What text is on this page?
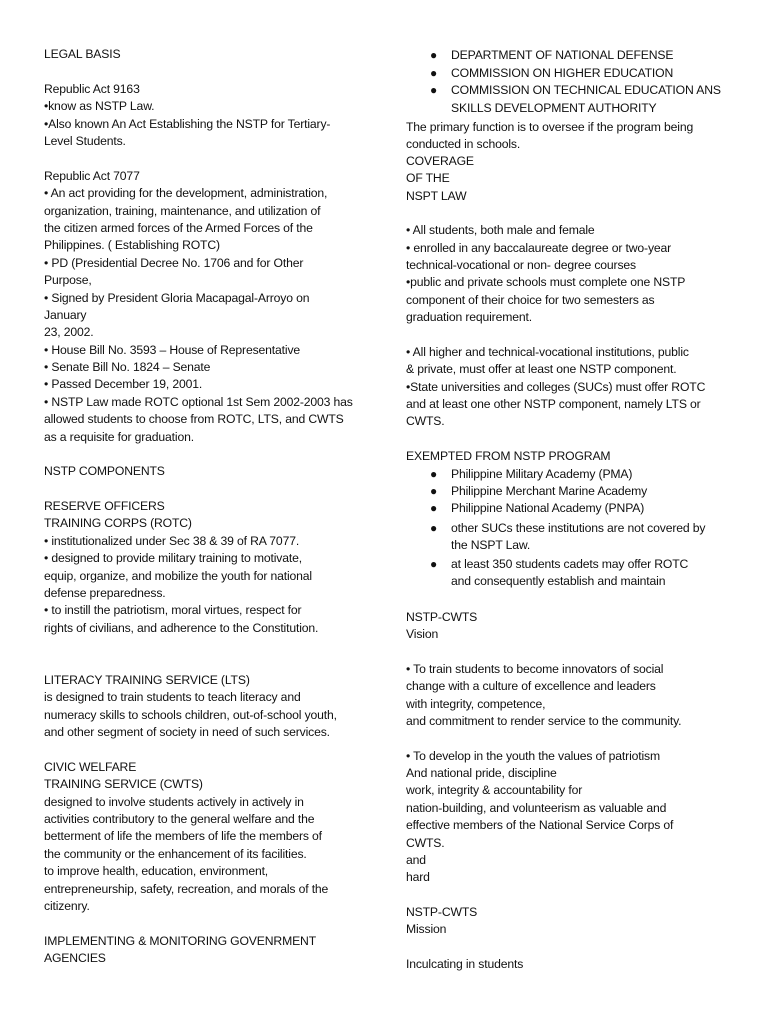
LEGAL BASIS
Republic Act 9163
•know as NSTP Law.
•Also known An Act Establishing the NSTP for Tertiary-
Level Students.
Republic Act 7077
• An act providing for the development, administration,
organization, training, maintenance, and utilization of
the citizen armed forces of the Armed Forces of the
Philippines. ( Establishing ROTC)
• PD (Presidential Decree No. 1706 and for Other
Purpose,
• Signed by President Gloria Macapagal-Arroyo on
January
23, 2002.
• House Bill No. 3593 – House of Representative
• Senate Bill No. 1824 – Senate
• Passed December 19, 2001.
• NSTP Law made ROTC optional 1st Sem 2002-2003 has
allowed students to choose from ROTC, LTS, and CWTS
as a requisite for graduation.
NSTP COMPONENTS
RESERVE OFFICERS
TRAINING CORPS (ROTC)
• institutionalized under Sec 38 & 39 of RA 7077.
• designed to provide military training to motivate,
equip, organize, and mobilize the youth for national
defense preparedness.
• to instill the patriotism, moral virtues, respect for
rights of civilians, and adherence to the Constitution.
LITERACY TRAINING SERVICE (LTS)
is designed to train students to teach literacy and
numeracy skills to schools children, out-of-school youth,
and other segment of society in need of such services.
CIVIC WELFARE
TRAINING SERVICE (CWTS)
designed to involve students actively in actively in
activities contributory to the general welfare and the
betterment of life the members of life the members of
the community or the enhancement of its facilities.
to improve health, education, environment,
entrepreneurship, safety, recreation, and morals of the
citizenry.
IMPLEMENTING & MONITORING GOVENRMENT
AGENCIES
● DEPARTMENT OF NATIONAL DEFENSE
● COMMISSION ON HIGHER EDUCATION
● COMMISSION ON TECHNICAL EDUCATION ANS
SKILLS DEVELOPMENT AUTHORITY
The primary function is to oversee if the program being
conducted in schools.
COVERAGE
OF THE
NSPT LAW
• All students, both male and female
• enrolled in any baccalaureate degree or two-year
technical-vocational or non- degree courses
•public and private schools must complete one NSTP
component of their choice for two semesters as
graduation requirement.
• All higher and technical-vocational institutions, public
& private, must offer at least one NSTP component.
•State universities and colleges (SUCs) must offer ROTC
and at least one other NSTP component, namely LTS or
CWTS.
EXEMPTED FROM NSTP PROGRAM
● Philippine Military Academy (PMA)
● Philippine Merchant Marine Academy
● Philippine National Academy (PNPA)
● other SUCs these institutions are not covered by
the NSPT Law.
● at least 350 students cadets may offer ROTC
and consequently establish and maintain
NSTP-CWTS
Vision
• To train students to become innovators of social
change with a culture of excellence and leaders
with integrity, competence,
and commitment to render service to the community.
• To develop in the youth the values of patriotism
And national pride, discipline
work, integrity & accountability for
nation-building, and volunteerism as valuable and
effective members of the National Service Corps of
CWTS.
and
hard
NSTP-CWTS
Mission
Inculcating in students
